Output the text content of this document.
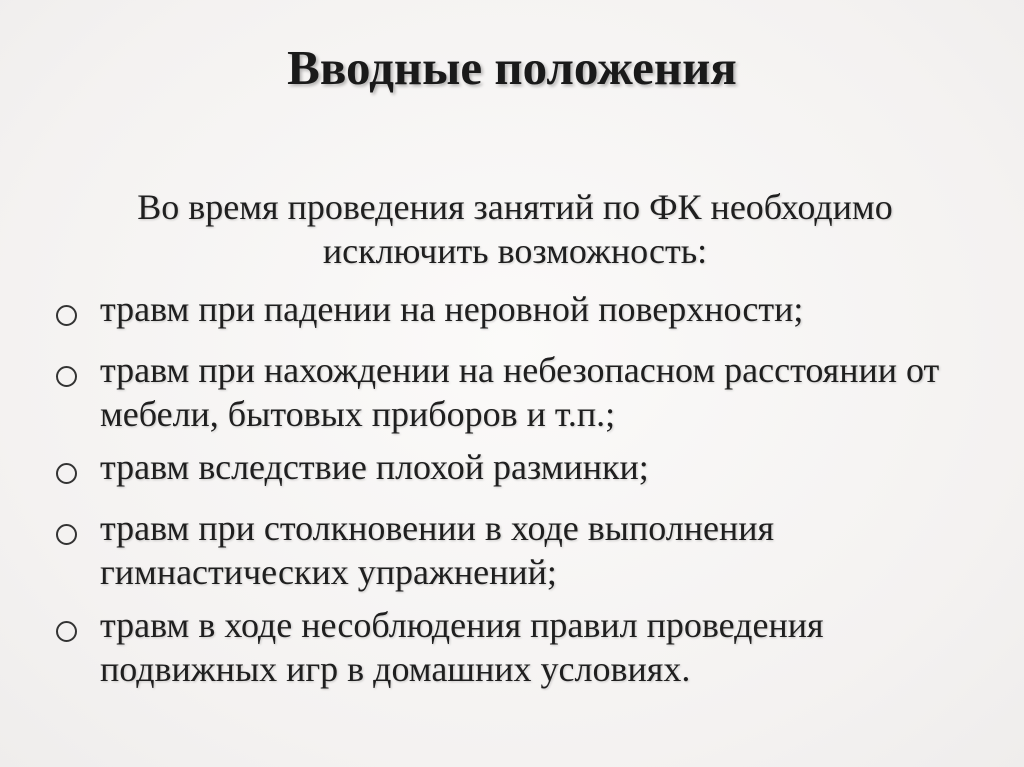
Вводные положения

Во время проведения занятий по ФК необходимо исключить возможность:

травм при падении на неровной поверхности;
травм при нахождении на небезопасном расстоянии от мебели, бытовых приборов и т.п.;
травм вследствие плохой разминки;
травм при столкновении в ходе выполнения гимнастических упражнений;
травм в ходе несоблюдения правил проведения подвижных игр в домашних условиях.
